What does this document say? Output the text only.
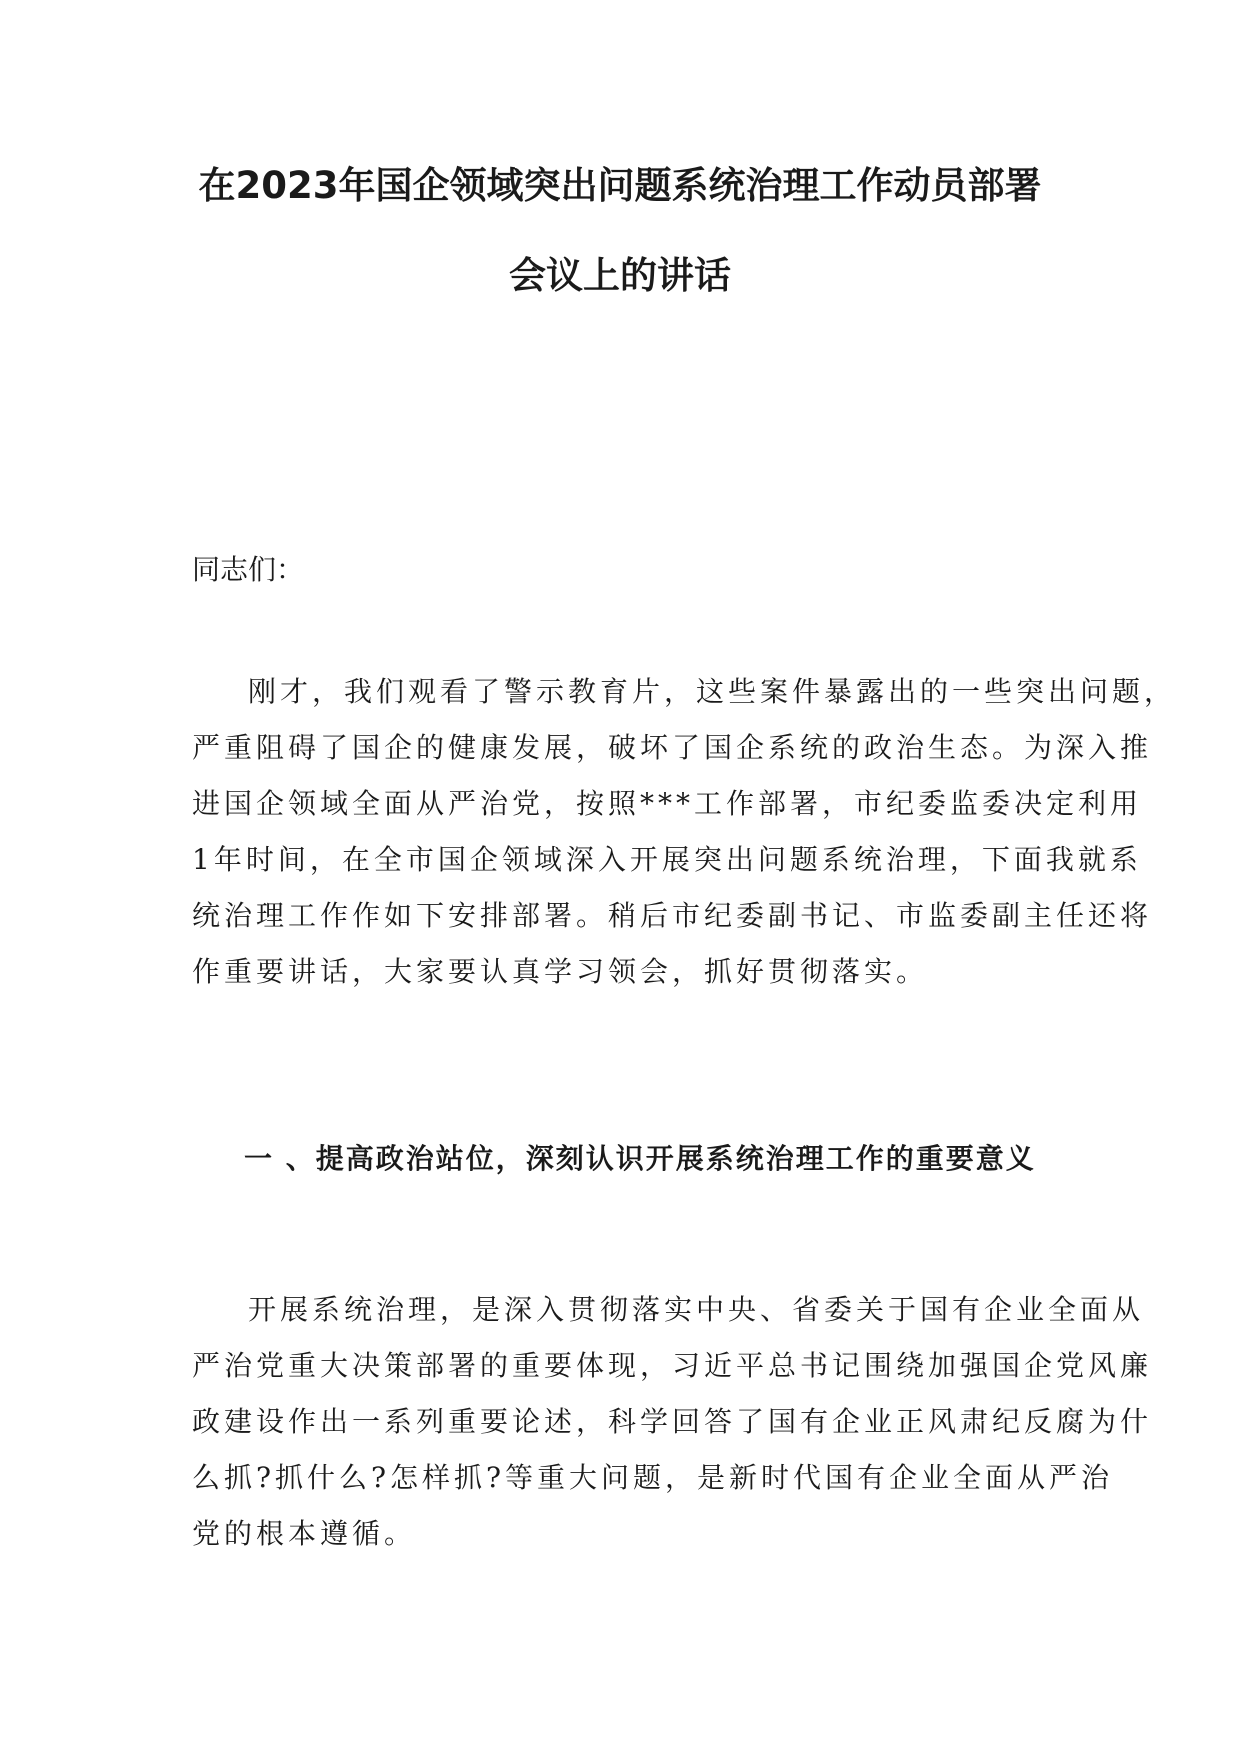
在2023年国企领域突出问题系统治理工作动员部署
会议上的讲话

同志们：

刚才，我们观看了警示教育片，这些案件暴露出的一些突出问题，
严重阻碍了国企的健康发展，破坏了国企系统的政治生态。为深入推
进国企领域全面从严治党，按照***工作部署，市纪委监委决定利用
1年时间，在全市国企领域深入开展突出问题系统治理，下面我就系
统治理工作作如下安排部署。稍后市纪委副书记、市监委副主任还将
作重要讲话，大家要认真学习领会，抓好贯彻落实。
一 、提高政治站位，深刻认识开展系统治理工作的重要意义
开展系统治理，是深入贯彻落实中央、省委关于国有企业全面从
严治党重大决策部署的重要体现，习近平总书记围绕加强国企党风廉
政建设作出一系列重要论述，科学回答了国有企业正风肃纪反腐为什
么抓?抓什么?怎样抓?等重大问题，是新时代国有企业全面从严治
党的根本遵循。
